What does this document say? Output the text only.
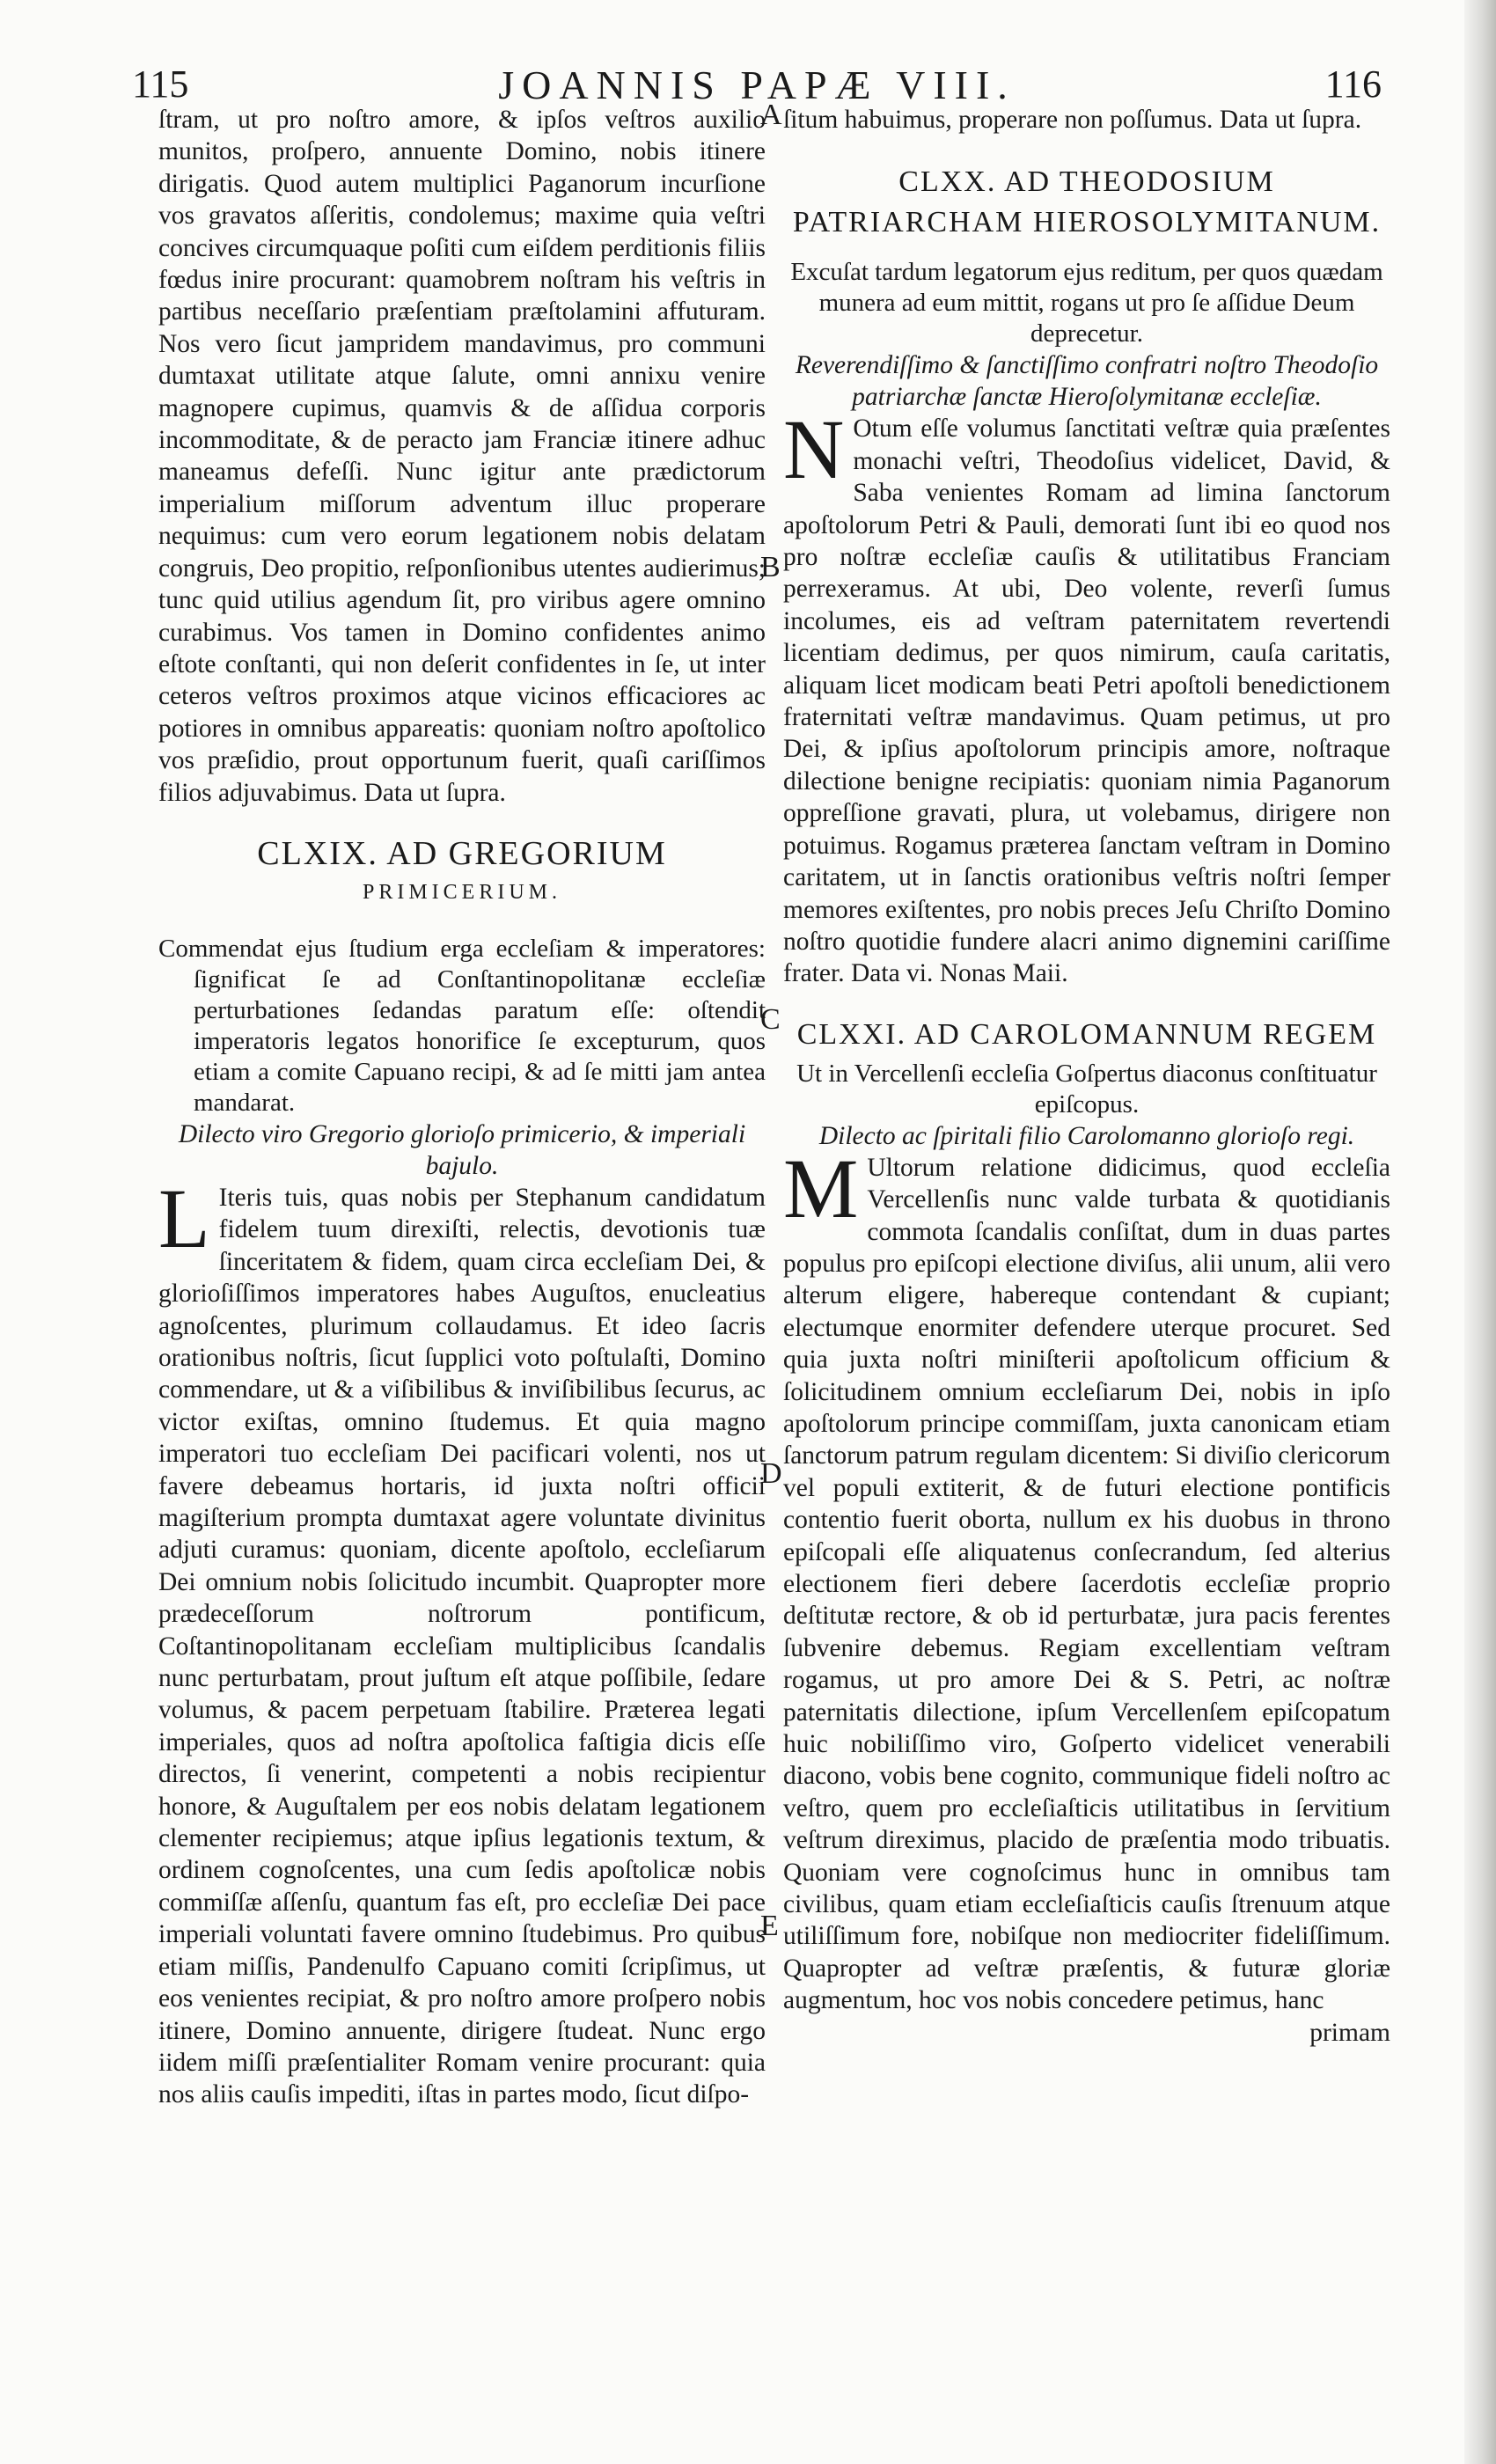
115	JOANNIS PAPÆ VIII.	116
A
B
C
D
E

ſtram, ut pro noſtro amore, & ipſos veſtros auxilio munitos, proſpero, annuente Domino, nobis itinere dirigatis. Quod autem multiplici Paganorum incurſione vos gravatos aſſeritis, condolemus; maxime quia veſtri concives circumquaque poſiti cum eiſdem perditionis filiis fœdus inire procurant: quamobrem noſtram his veſtris in partibus neceſſario præſentiam præſtolamini affuturam. Nos vero ſicut jampridem mandavimus, pro communi dumtaxat utilitate atque ſalute, omni annixu venire magnopere cupimus, quamvis & de aſſidua corporis incommoditate, & de peracto jam Franciæ itinere adhuc maneamus defeſſi. Nunc igitur ante prædictorum imperialium miſſorum adventum illuc properare nequimus: cum vero eorum legationem nobis delatam congruis, Deo propitio, reſponſionibus utentes audierimus; tunc quid utilius agendum ſit, pro viribus agere omnino curabimus. Vos tamen in Domino confidentes animo eſtote conſtanti, qui non deſerit confidentes in ſe, ut inter ceteros veſtros proximos atque vicinos efficaciores ac potiores in omnibus appareatis: quoniam noſtro apoſtolico vos præſidio, prout opportunum fuerit, quaſi cariſſimos filios adjuvabimus. Data ut ſupra.

CLXIX. AD GREGORIUM
PRIMICERIUM.

Commendat ejus ſtudium erga eccleſiam & imperatores: ſignificat ſe ad Conſtantinopolitanæ eccleſiæ perturbationes ſedandas paratum eſſe: oſtendit imperatoris legatos honorifice ſe excepturum, quos etiam a comite Capuano recipi, & ad ſe mitti jam antea mandarat.

Dilecto viro Gregorio glorioſo primicerio, & imperiali bajulo.

L Iteris tuis, quas nobis per Stephanum candidatum fidelem tuum direxiſti, relectis, devotionis tuæ ſinceritatem & fidem, quam circa eccleſiam Dei, & glorioſiſſimos imperatores habes Auguſtos, enucleatius agnoſcentes, plurimum collaudamus. Et ideo ſacris orationibus noſtris, ſicut ſupplici voto poſtulaſti, Domino commendare, ut & a viſibilibus & inviſibilibus ſecurus, ac victor exiſtas, omnino ſtudemus. Et quia magno imperatori tuo eccleſiam Dei pacificari volenti, nos ut favere debeamus hortaris, id juxta noſtri officii magiſterium prompta dumtaxat agere voluntate divinitus adjuti curamus: quoniam, dicente apoſtolo, eccleſiarum Dei omnium nobis ſolicitudo incumbit. Quapropter more prædeceſſorum noſtrorum pontificum, Coſtantinopolitanam eccleſiam multiplicibus ſcandalis nunc perturbatam, prout juſtum eſt atque poſſibile, ſedare volumus, & pacem perpetuam ſtabilire. Præterea legati imperiales, quos ad noſtra apoſtolica faſtigia dicis eſſe directos, ſi venerint, competenti a nobis recipientur honore, & Auguſtalem per eos nobis delatam legationem clementer recipiemus; atque ipſius legationis textum, & ordinem cognoſcentes, una cum ſedis apoſtolicæ nobis commiſſæ aſſenſu, quantum fas eſt, pro eccleſiæ Dei pace imperiali voluntati favere omnino ſtudebimus. Pro quibus etiam miſſis, Pandenulfo Capuano comiti ſcripſimus, ut eos venientes recipiat, & pro noſtro amore proſpero nobis itinere, Domino annuente, dirigere ſtudeat. Nunc ergo iidem miſſi præſentialiter Romam venire procurant: quia nos aliis cauſis impediti, iſtas in partes modo, ſicut diſpo-

ſitum habuimus, properare non poſſumus. Data ut ſupra.

CLXX. AD THEODOSIUM PATRIARCHAM HIEROSOLYMITANUM.

Excuſat tardum legatorum ejus reditum, per quos quædam munera ad eum mittit, rogans ut pro ſe aſſidue Deum deprecetur.

Reverendiſſimo & ſanctiſſimo confratri noſtro Theodoſio patriarchæ ſanctæ Hieroſolymitanæ eccleſiæ.

N Otum eſſe volumus ſanctitati veſtræ quia præſentes monachi veſtri, Theodoſius videlicet, David, & Saba venientes Romam ad limina ſanctorum apoſtolorum Petri & Pauli, demorati ſunt ibi eo quod nos pro noſtræ eccleſiæ cauſis & utilitatibus Franciam perrexeramus. At ubi, Deo volente, reverſi ſumus incolumes, eis ad veſtram paternitatem revertendi licentiam dedimus, per quos nimirum, cauſa caritatis, aliquam licet modicam beati Petri apoſtoli benedictionem fraternitati veſtræ mandavimus. Quam petimus, ut pro Dei, & ipſius apoſtolorum principis amore, noſtraque dilectione benigne recipiatis: quoniam nimia Paganorum oppreſſione gravati, plura, ut volebamus, dirigere non potuimus. Rogamus præterea ſanctam veſtram in Domino caritatem, ut in ſanctis orationibus veſtris noſtri ſemper memores exiſtentes, pro nobis preces Jeſu Chriſto Domino noſtro quotidie fundere alacri animo dignemini cariſſime frater. Data vi. Nonas Maii.

CLXXI. AD CAROLOMANNUM REGEM

Ut in Vercellenſi eccleſia Goſpertus diaconus conſtituatur epiſcopus.

Dilecto ac ſpiritali filio Carolomanno glorioſo regi.

M Ultorum relatione didicimus, quod eccleſia Vercellenſis nunc valde turbata & quotidianis commota ſcandalis conſiſtat, dum in duas partes populus pro epiſcopi electione diviſus, alii unum, alii vero alterum eligere, habereque contendant & cupiant; electumque enormiter defendere uterque procuret. Sed quia juxta noſtri miniſterii apoſtolicum officium & ſolicitudinem omnium eccleſiarum Dei, nobis in ipſo apoſtolorum principe commiſſam, juxta canonicam etiam ſanctorum patrum regulam dicentem: Si diviſio clericorum vel populi extiterit, & de futuri electione pontificis contentio fuerit oborta, nullum ex his duobus in throno epiſcopali eſſe aliquatenus conſecrandum, ſed alterius electionem fieri debere ſacerdotis eccleſiæ proprio deſtitutæ rectore, & ob id perturbatæ, jura pacis ferentes ſubvenire debemus. Regiam excellentiam veſtram rogamus, ut pro amore Dei & S. Petri, ac noſtræ paternitatis dilectione, ipſum Vercellenſem epiſcopatum huic nobiliſſimo viro, Goſperto videlicet venerabili diacono, vobis bene cognito, communique fideli noſtro ac veſtro, quem pro eccleſiaſticis utilitatibus in ſervitium veſtrum direximus, placido de præſentia modo tribuatis. Quoniam vere cognoſcimus hunc in omnibus tam civilibus, quam etiam eccleſiaſticis cauſis ſtrenuum atque utiliſſimum fore, nobiſque non mediocriter fideliſſimum. Quapropter ad veſtræ præſentis, & futuræ gloriæ augmentum, hoc vos nobis concedere petimus, hanc

primam
